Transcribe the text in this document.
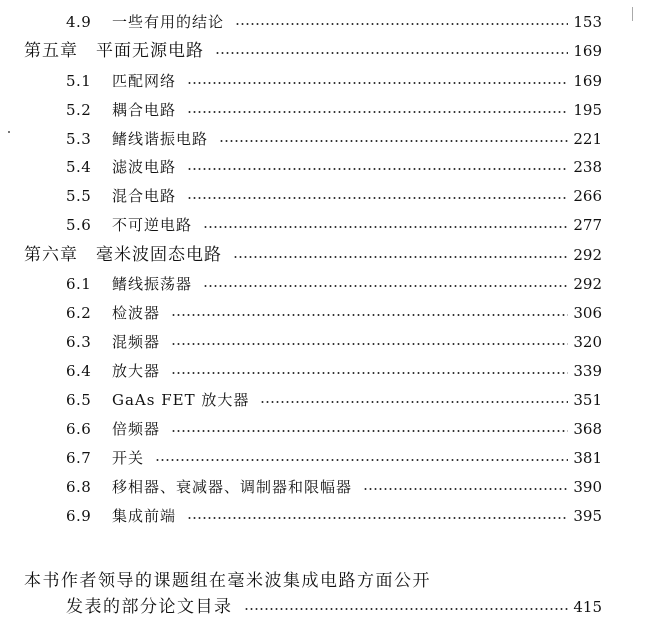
4.9	一些有用的结论	153
第五章 平面无源电路	169
5.1	匹配网络	169
5.2	耦合电路	195
5.3	鳍线谐振电路	221
5.4	滤波电路	238
5.5	混合电路	266
5.6	不可逆电路	277
第六章 毫米波固态电路	292
6.1	鳍线振荡器	292
6.2	检波器	306
6.3	混频器	320
6.4	放大器	339
6.5	GaAs FET 放大器	351
6.6	倍频器	368
6.7	开关	381
6.8	移相器、衰减器、调制器和限幅器	390
6.9	集成前端	395
本书作者领导的课题组在毫米波集成电路方面公开
发表的部分论文目录	415
